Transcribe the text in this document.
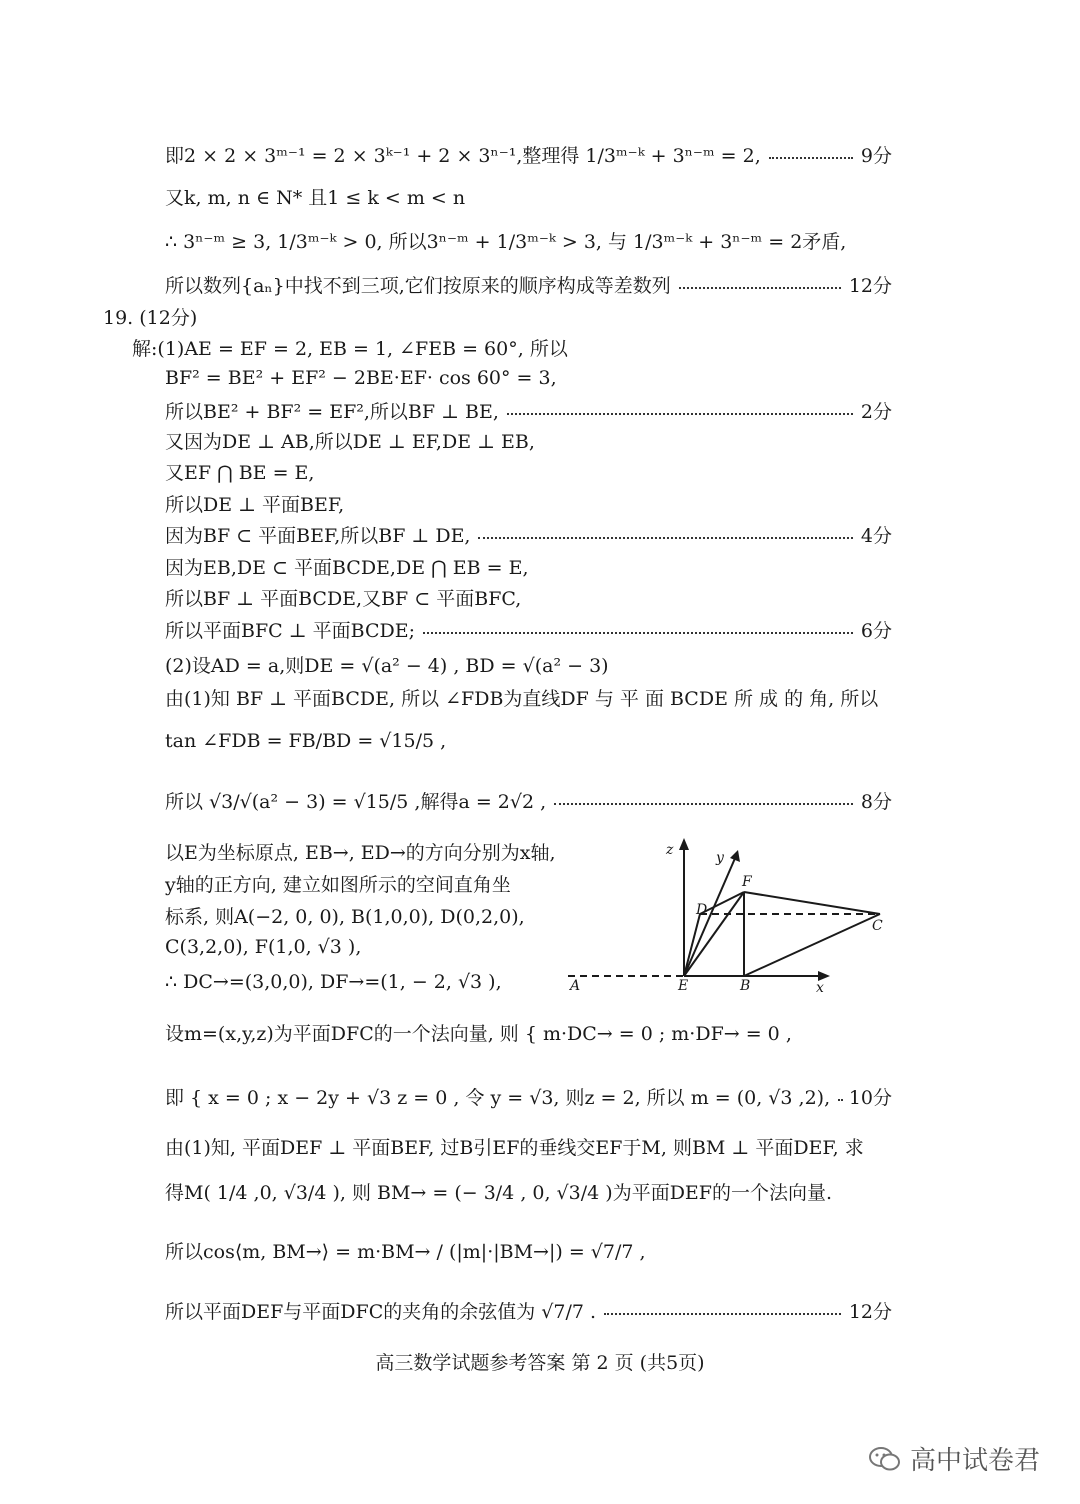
即2 × 2 × 3ᵐ⁻¹ = 2 × 3ᵏ⁻¹ + 2 × 3ⁿ⁻¹,整理得 1/3ᵐ⁻ᵏ + 3ⁿ⁻ᵐ = 2,	9分
又k, m, n ∈ N* 且1 ≤ k < m < n
∴ 3ⁿ⁻ᵐ ≥ 3, 1/3ᵐ⁻ᵏ > 0, 所以3ⁿ⁻ᵐ + 1/3ᵐ⁻ᵏ > 3, 与 1/3ᵐ⁻ᵏ + 3ⁿ⁻ᵐ = 2矛盾,
所以数列{aₙ}中找不到三项,它们按原来的顺序构成等差数列	12分
19. (12分)
解:(1)AE = EF = 2, EB = 1, ∠FEB = 60°, 所以
BF² = BE² + EF² − 2BE·EF· cos 60° = 3,
所以BE² + BF² = EF²,所以BF ⊥ BE,	2分
又因为DE ⊥ AB,所以DE ⊥ EF,DE ⊥ EB,
又EF ⋂ BE = E,
所以DE ⊥ 平面BEF,
因为BF ⊂ 平面BEF,所以BF ⊥ DE,	4分
因为EB,DE ⊂ 平面BCDE,DE ⋂ EB = E,
所以BF ⊥ 平面BCDE,又BF ⊂ 平面BFC,
所以平面BFC ⊥ 平面BCDE;	6分
(2)设AD = a,则DE = √(a² − 4) , BD = √(a² − 3)
由(1)知 BF ⊥ 平面BCDE, 所以 ∠FDB为直线DF 与 平 面 BCDE 所 成 的 角, 所以
tan ∠FDB = FB/BD = √15/5 ,
所以 √3/√(a² − 3) = √15/5 ,解得a = 2√2 ,	8分
以E为坐标原点, EB→, ED→的方向分别为x轴,
y轴的正方向, 建立如图所示的空间直角坐
标系, 则A(−2, 0, 0), B(1,0,0), D(0,2,0),
C(3,2,0), F(1,0, √3 ),
∴ DC→=(3,0,0), DF→=(1, − 2, √3 ),
设m=(x,y,z)为平面DFC的一个法向量, 则 { m·DC→ = 0 ; m·DF→ = 0 ,
即 { x = 0 ; x − 2y + √3 z = 0 , 令 y = √3, 则z = 2, 所以 m = (0, √3 ,2), 10分
由(1)知, 平面DEF ⊥ 平面BEF, 过B引EF的垂线交EF于M, 则BM ⊥ 平面DEF, 求
得M( 1/4 ,0, √3/4 ), 则 BM→ = (− 3/4 , 0, √3/4 )为平面DEF的一个法向量.
所以cos⟨m, BM→⟩ = m·BM→ / (|m|·|BM→|) = √7/7 ,
所以平面DEF与平面DFC的夹角的余弦值为 √7/7 .	12分
z	y
x
A	E	B
D
F
C
高三数学试题参考答案 第 2 页 (共5页)
高中试卷君
